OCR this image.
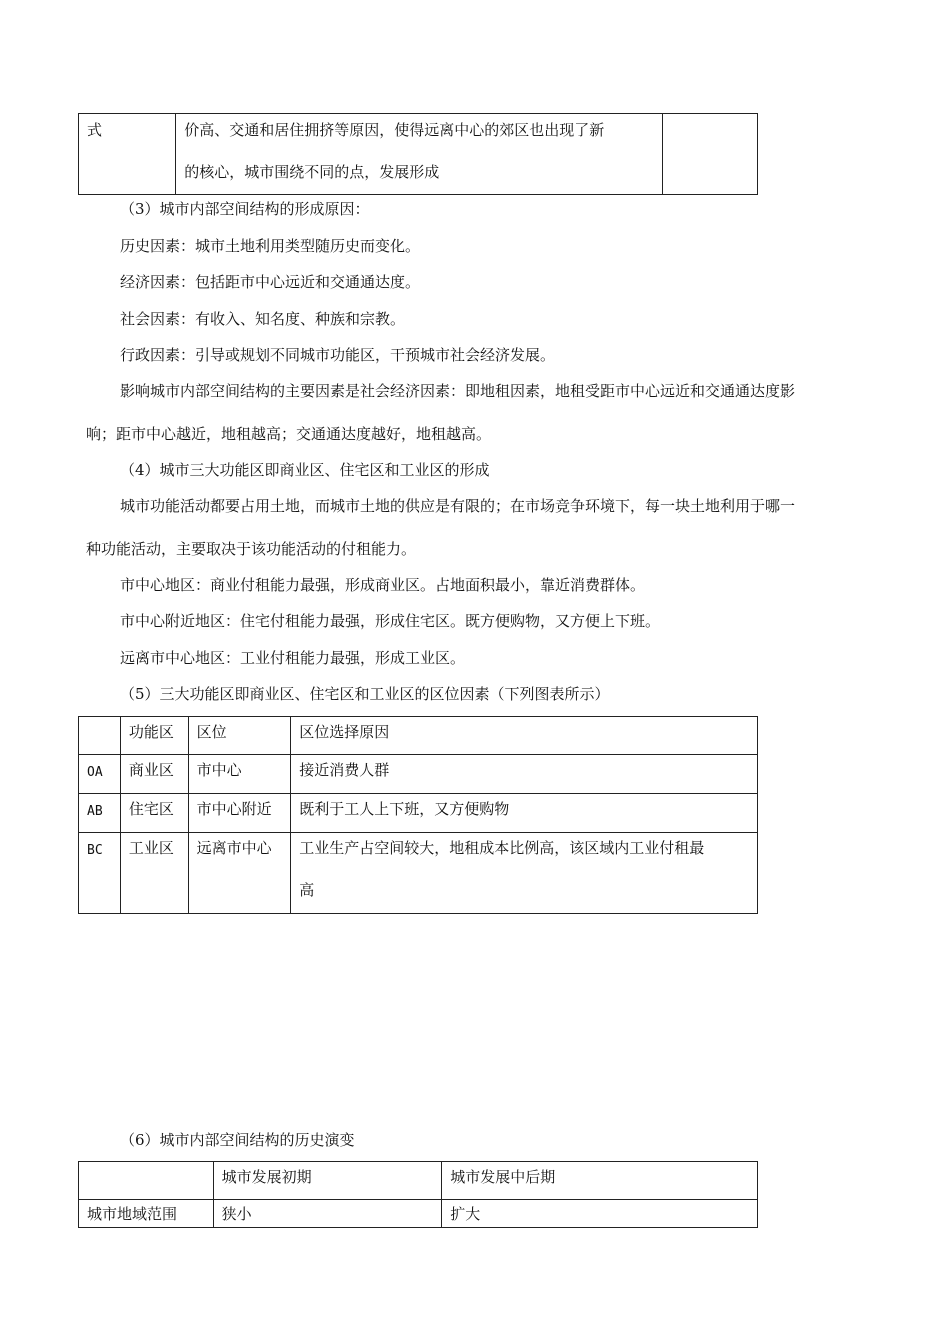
式	价高、交通和居住拥挤等原因，使得远离中心的郊区也出现了新
的核心，城市围绕不同的点，发展形成

（3）城市内部空间结构的形成原因：
历史因素：城市土地利用类型随历史而变化。
经济因素：包括距市中心远近和交通通达度。
社会因素：有收入、知名度、种族和宗教。
行政因素：引导或规划不同城市功能区，干预城市社会经济发展。
影响城市内部空间结构的主要因素是社会经济因素：即地租因素，地租受距市中心远近和交通通达度影
响；距市中心越近，地租越高；交通通达度越好，地租越高。
（4）城市三大功能区即商业区、住宅区和工业区的形成
城市功能活动都要占用土地，而城市土地的供应是有限的；在市场竞争环境下，每一块土地利用于哪一
种功能活动，主要取决于该功能活动的付租能力。
市中心地区：商业付租能力最强，形成商业区。占地面积最小，靠近消费群体。
市中心附近地区：住宅付租能力最强，形成住宅区。既方便购物，又方便上下班。
远离市中心地区：工业付租能力最强，形成工业区。
（5）三大功能区即商业区、住宅区和工业区的区位因素（下列图表所示）
	功能区	区位	区位选择原因
OA	商业区	市中心	接近消费人群
AB	住宅区	市中心附近	既利于工人上下班，又方便购物
BC	工业区	远离市中心	工业生产占空间较大，地租成本比例高，该区域内工业付租最
高
（6）城市内部空间结构的历史演变
	城市发展初期	城市发展中后期
城市地域范围	狭小	扩大
